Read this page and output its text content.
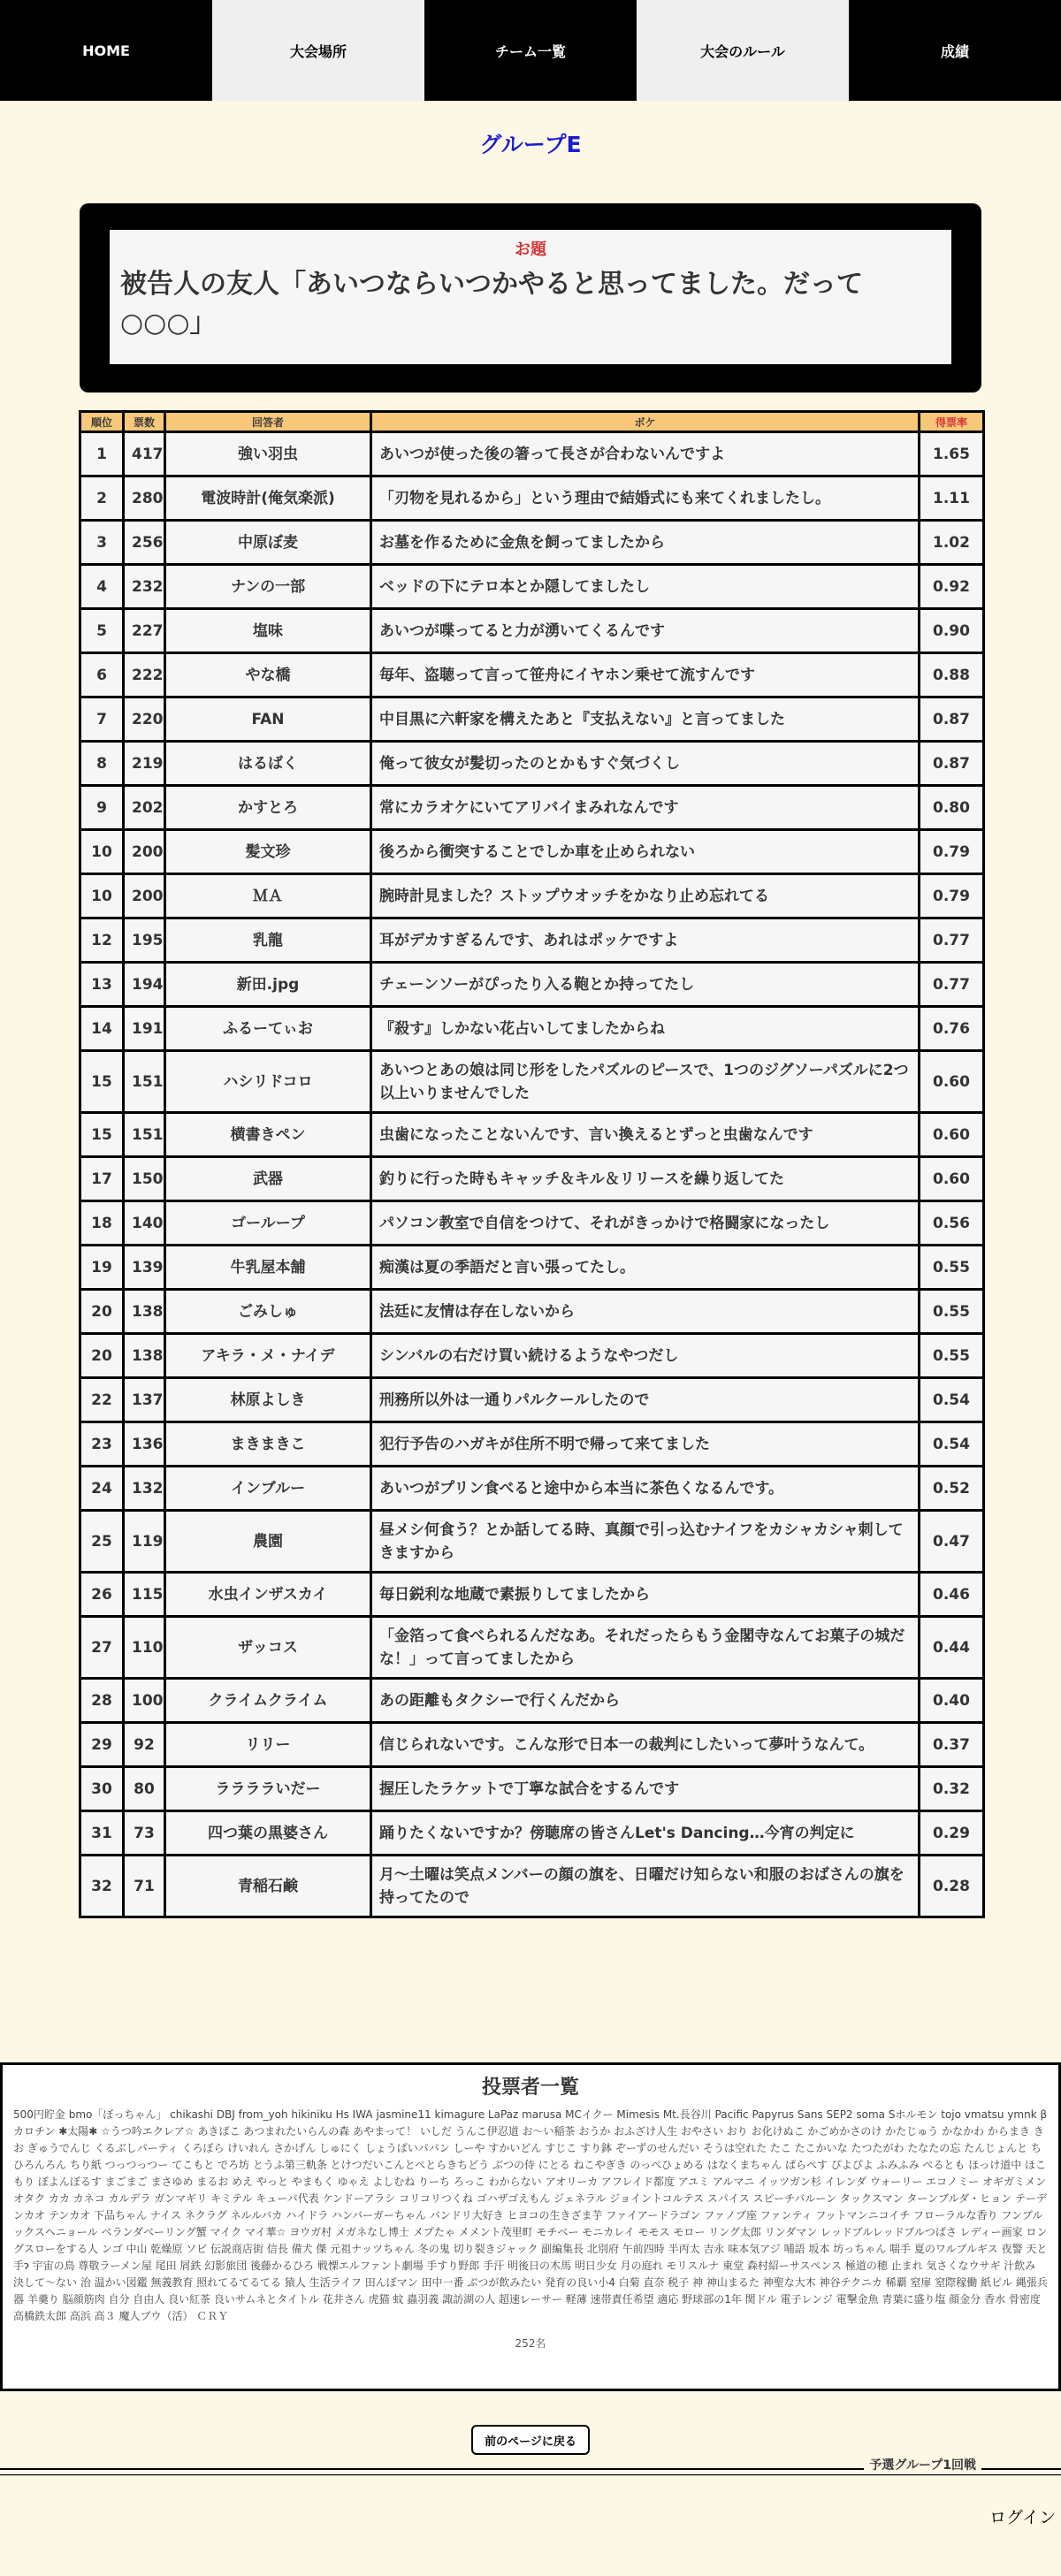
HOME	大会場所	チーム一覧	大会のルール	成績
グループE
お題
被告人の友人「あいつならいつかやると思ってました。だって○○○」
順位	票数	回答者	ボケ	得票率
1	417	強い羽虫	あいつが使った後の箸って長さが合わないんですよ	1.65
2	280	電波時計(俺気楽派)	「刃物を見れるから」という理由で結婚式にも来てくれましたし。	1.11
3	256	中原ぼ麦	お墓を作るために金魚を飼ってましたから	1.02
4	232	ナンの一部	ベッドの下にテロ本とか隠してましたし	0.92
5	227	塩味	あいつが喋ってると力が湧いてくるんです	0.90
6	222	やな橋	毎年、盗聴って言って笹舟にイヤホン乗せて流すんです	0.88
7	220	FAN	中目黒に六軒家を構えたあと『支払えない』と言ってました	0.87
8	219	はるばく	俺って彼女が髪切ったのとかもすぐ気づくし	0.87
9	202	かすとろ	常にカラオケにいてアリバイまみれなんです	0.80
10	200	髪文珍	後ろから衝突することでしか車を止められない	0.79
10	200	ＭＡ	腕時計見ました？ストップウオッチをかなり止め忘れてる	0.79
12	195	乳龍	耳がデカすぎるんです、あれはポッケですよ	0.77
13	194	新田.jpg	チェーンソーがぴったり入る鞄とか持ってたし	0.77
14	191	ふるーてぃお	『殺す』しかない花占いしてましたからね	0.76
15	151	ハシリドコロ	あいつとあの娘は同じ形をしたパズルのピースで、1つのジグソーパズルに2つ以上いりませんでした	0.60
15	151	横書きペン	虫歯になったことないんです、言い換えるとずっと虫歯なんです	0.60
17	150	武器	釣りに行った時もキャッチ＆キル＆リリースを繰り返してた	0.60
18	140	ゴーループ	パソコン教室で自信をつけて、それがきっかけで格闘家になったし	0.56
19	139	牛乳屋本舗	痴漢は夏の季語だと言い張ってたし。	0.55
20	138	ごみしゅ	法廷に友情は存在しないから	0.55
20	138	アキラ・メ・ナイデ	シンバルの右だけ買い続けるようなやつだし	0.55
22	137	林原よしき	刑務所以外は一通りパルクールしたので	0.54
23	136	まきまきこ	犯行予告のハガキが住所不明で帰って来てました	0.54
24	132	インブルー	あいつがプリン食べると途中から本当に茶色くなるんです。	0.52
25	119	農園	昼メシ何食う？とか話してる時、真顔で引っ込むナイフをカシャカシャ刺してきますから	0.47
26	115	水虫インザスカイ	毎日鋭利な地蔵で素振りしてましたから	0.46
27	110	ザッコス	「金箔って食べられるんだなあ。それだったらもう金閣寺なんてお菓子の城だな！」って言ってましたから	0.44
28	100	クライムクライム	あの距離もタクシーで行くんだから	0.40
29	92	リリー	信じられないです。こんな形で日本一の裁判にしたいって夢叶うなんて。	0.37
30	80	ララララいだー	握圧したラケットで丁寧な試合をするんです	0.32
31	73	四つ葉の黒婆さん	踊りたくないですか？傍聴席の皆さんLet's Dancing…今宵の判定に	0.29
32	71	青稲石鹸	月〜土曜は笑点メンバーの顔の旗を、日曜だけ知らない和服のおばさんの旗を持ってたので	0.28
投票者一覧
500円貯金 bmo「ぼっちゃん」 chikashi DBJ from_yoh hikiniku Hs IWA jasmine11 kimagure LaPaz marusa MCイクー Mimesis Mt.長谷川 Pacific Papyrus Sans SEP2 soma Sホルモン tojo vmatsu ymnk βカロチン ✱太陽✱ ☆うつ吟エクレア☆ あきばこ あつまれたいらんの森 あやまって！ いしだ うんこ伊忍道 お〜い稲茶 おうか おふざけ人生 おやさい おり お化けぬこ かごめかさのけ かたじゅう かなかわ からまき きお ぎゅうでんじ くるぶしパーティ くろぼら けいれん さかげん しゅにく しょうばいパパン しーや すかいどん すじこ すり鉢 ぞーずのせんだい そうは空れた たこ たこかいな たつたがわ たなたの忘 たんじょんと ちひろんろん ちり紙 つっつっつー てこもと でろ坊 とうふ第三軌条 とけつだいこんとぺとらきちどう ぶつの侍 にとる ねこやぎき のっぺひょめる はなくまちゃん ぱらぺす ぴよぴよ ふみふみ ぺるとも ほっけ道中 ほこもり ぼよんぼるす まごまご まさゆめ まるお めえ やっと やまもく ゆゃえ よしむね りーち ろっこ わからない アオリーカ アフレイド都度 アユミ アルマニ イッツガン杉 イレンダ ウォーリー エコノミー オギガミメン オタク カカ カネコ カルデラ ガンマギリ キミテル キューバ代表 ケンドーアラシ コリコリつくね ゴハザゴえもん ジェネラル ジョイントコルテス スパイス スピーチバルーン タックスマン ターンブルダ・ヒョン テーデンカオ テンカオ 下品ちゃん ナイス ネクラグ ネルルバカ ハイドラ ハンバーガーちゃん バンドリ大好き ヒヨコの生きざま芋 ファイアードラゴン ファノブ座 ファンティ フットマンニコイチ フローラルな香り フンブルックスヘニョール ベランダベーリング蟹 マイク マイ華☆ ヨウガ村 メガネなし博士 メプたゃ メメント茂里町 モチベー モニカレイ モモス モロー リング太郎 リンダマン レッドブルレッドブルつばさ レディー画家 ロングスローをする人 ンゴ 中山 乾燥原 ソビ 伝説商店街 信長 備犬 傑 元祖ナッツちゃん 冬の鬼 切り裂きジャック 副編集長 北別府 午前四時 半丙太 吉永 味本気アジ 哺語 坂本 坊っちゃん 喘手 夏のワルブルギス 夜警 天と手ɂ 宇宙の鳥 尊敬ラーメン屋 尾田 屑鉄 幻影旅団 後藤かるひろ 戦慄エルファント劇場 手すり野郎 手汗 明後日の木馬 明日少女 月の庭れ モリスルナ 東堂 森村紹ーサスペンス 極道の穂 止まれ 気さくなウサギ 汁飲み 決して〜ない 治 温かい図鑑 無義教育 照れてるてるてる 猿人 生活ライフ 田んぼマン 田中一番 ぶつが飲みたい 発育の良い小4 白菊 直奈 税子 神 神山まるた 神聖な大木 神谷テクニカ 稀覇 窒扉 窒際稼働 紙ピル 縄張兵器 羊羹り 脳顔筋肉 自分 自由人 良い紅茶 良いサムネとタイトル 花井さん 虎猫 蚊 蟲羽義 諏訪湖の人 超速レーサー 軽薄 速帯責任希望 適応 野球部の1年 関ドル 電子レンジ 電撃金魚 青葉に盛り塩 顔金分 香水 骨密度 高橋鉄太郎 高浜 高３ 魔人ブウ（活） ＣＲＹ
252名
前のページに戻る
予選グループ1回戦
ログイン
